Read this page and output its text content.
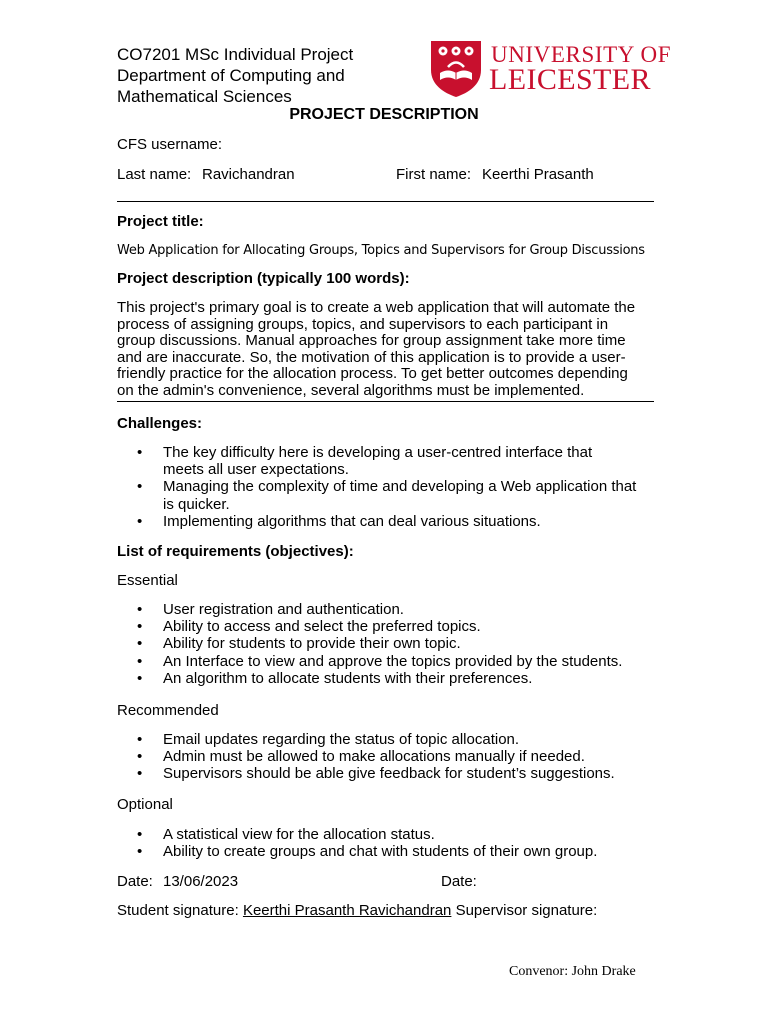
CO7201 MSc Individual Project
Department of Computing and
Mathematical Sciences
UNIVERSITY OF
LEICESTER
PROJECT DESCRIPTION
CFS username:
Last name: Ravichandran	First name: Keerthi Prasanth
Project title:
Web Application for Allocating Groups, Topics and Supervisors for Group Discussions
Project description (typically 100 words):
This project's primary goal is to create a web application that will automate the
process of assigning groups, topics, and supervisors to each participant in
group discussions. Manual approaches for group assignment take more time
and are inaccurate. So, the motivation of this application is to provide a user-
friendly practice for the allocation process. To get better outcomes depending
on the admin's convenience, several algorithms must be implemented.
Challenges:
• The key difficulty here is developing a user-centred interface that
meets all user expectations.
• Managing the complexity of time and developing a Web application that
is quicker.
• Implementing algorithms that can deal various situations.
List of requirements (objectives):
Essential
• User registration and authentication.
• Ability to access and select the preferred topics.
• Ability for students to provide their own topic.
• An Interface to view and approve the topics provided by the students.
• An algorithm to allocate students with their preferences.
Recommended
• Email updates regarding the status of topic allocation.
• Admin must be allowed to make allocations manually if needed.
• Supervisors should be able give feedback for student’s suggestions.
Optional
• A statistical view for the allocation status.
• Ability to create groups and chat with students of their own group.
Date: 13/06/2023	Date:
Student signature: Keerthi Prasanth Ravichandran Supervisor signature:
Convenor: John Drake
